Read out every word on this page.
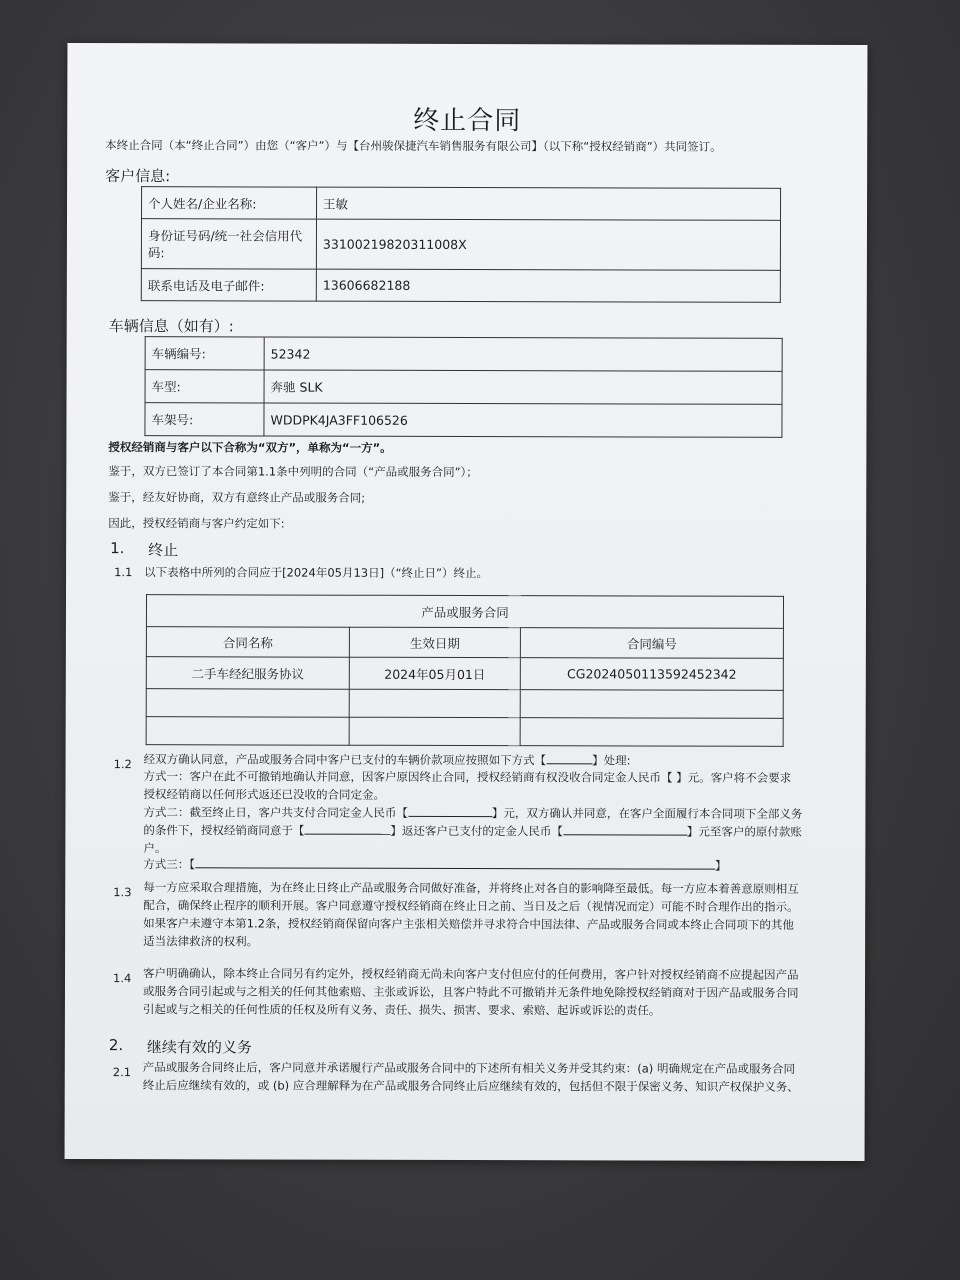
终止合同
本终止合同（本“终止合同”）由您（“客户”）与【台州骏保捷汽车销售服务有限公司】（以下称“授权经销商”）共同签订。
客户信息:
个人姓名/企业名称:	王敏
身份证号码/统一社会信用代码:	3310021982031100​8X
联系电话及电子邮件:	13606682188
车辆信息（如有）:
车辆编号:	52342
车型:	奔驰 SLK
车架号:	WDDPK4JA3FF106526
授权经销商与客户以下合称为“双方”，单称为“一方”。
鉴于，双方已签订了本合同第1.1条中列明的合同（“产品或服务合同”）；
鉴于，经友好协商，双方有意终止产品或服务合同;
因此，授权经销商与客户约定如下:
1. 终止
1.1 以下表格中所列的合同应于[2024年05月13日]（“终止日”）终止。
产品或服务合同		
合同名称	生效日期	合同编号
二手车经纪服务协议	2024年05月01日	CG20240501135924523​42

1.2 经双方确认同意，产品或服务合同中客户已支付的车辆价款项应按照如下方式【	】处理:
方式一：客户在此不可撤销地确认并同意，因客户原因终止合同，授权经销商有权没收合同定金人民币【 】元。客户将不会要求
授权经销商以任何形式返还已没收的合同定金。
方式二：截至终止日，客户共支付合同定金人民币【	】元，双方确认并同意，在客户全面履行本合同项下全部义务
的条件下，授权经销商同意于【	】返还客户已支付的定金人民币【	】元至客户的原付款账
户。
方式三：【	】
1.3 每一方应采取合理措施，为在终止日终止产品或服务合同做好准备，并将终止对各自的影响降至最低。每一方应本着善意原则相互
配合，确保终止程序的顺利开展。客户同意遵守授权经销商在终止日之前、当日及之后（视情况而定）可能不时合理作出的指示。
如果客户未遵守本第1.2条，授权经销商保留向客户主张相关赔偿并寻求符合中国法律、产品或服务合同或本终止合同项下的其他
适当法律救济的权利。
1.4 客户明确确认，除本终止合同另有约定外，授权经销商无尚未向客户支付但应付的任何费用，客户针对授权经销商不应提起因产品
或服务合同引起或与之相关的任何其他索赔、主张或诉讼，且客户特此不可撤销并无条件地免除授权经销商对于因产品或服务合同
引起或与之相关的任何性质的任权及所有义务、责任、损失、损害、要求、索赔、起诉或诉讼的责任。
2. 继续有效的义务
2.1 产品或服务合同终止后，客户同意并承诺履行产品或服务合同中的下述所有相关义务并受其约束：(a) 明确规定在产品或服务合同
终止后应继续有效的，或 (b) 应合理解释为在产品或服务合同终止后应继续有效的，包括但不限于保密义务、知识产权保护义务、
